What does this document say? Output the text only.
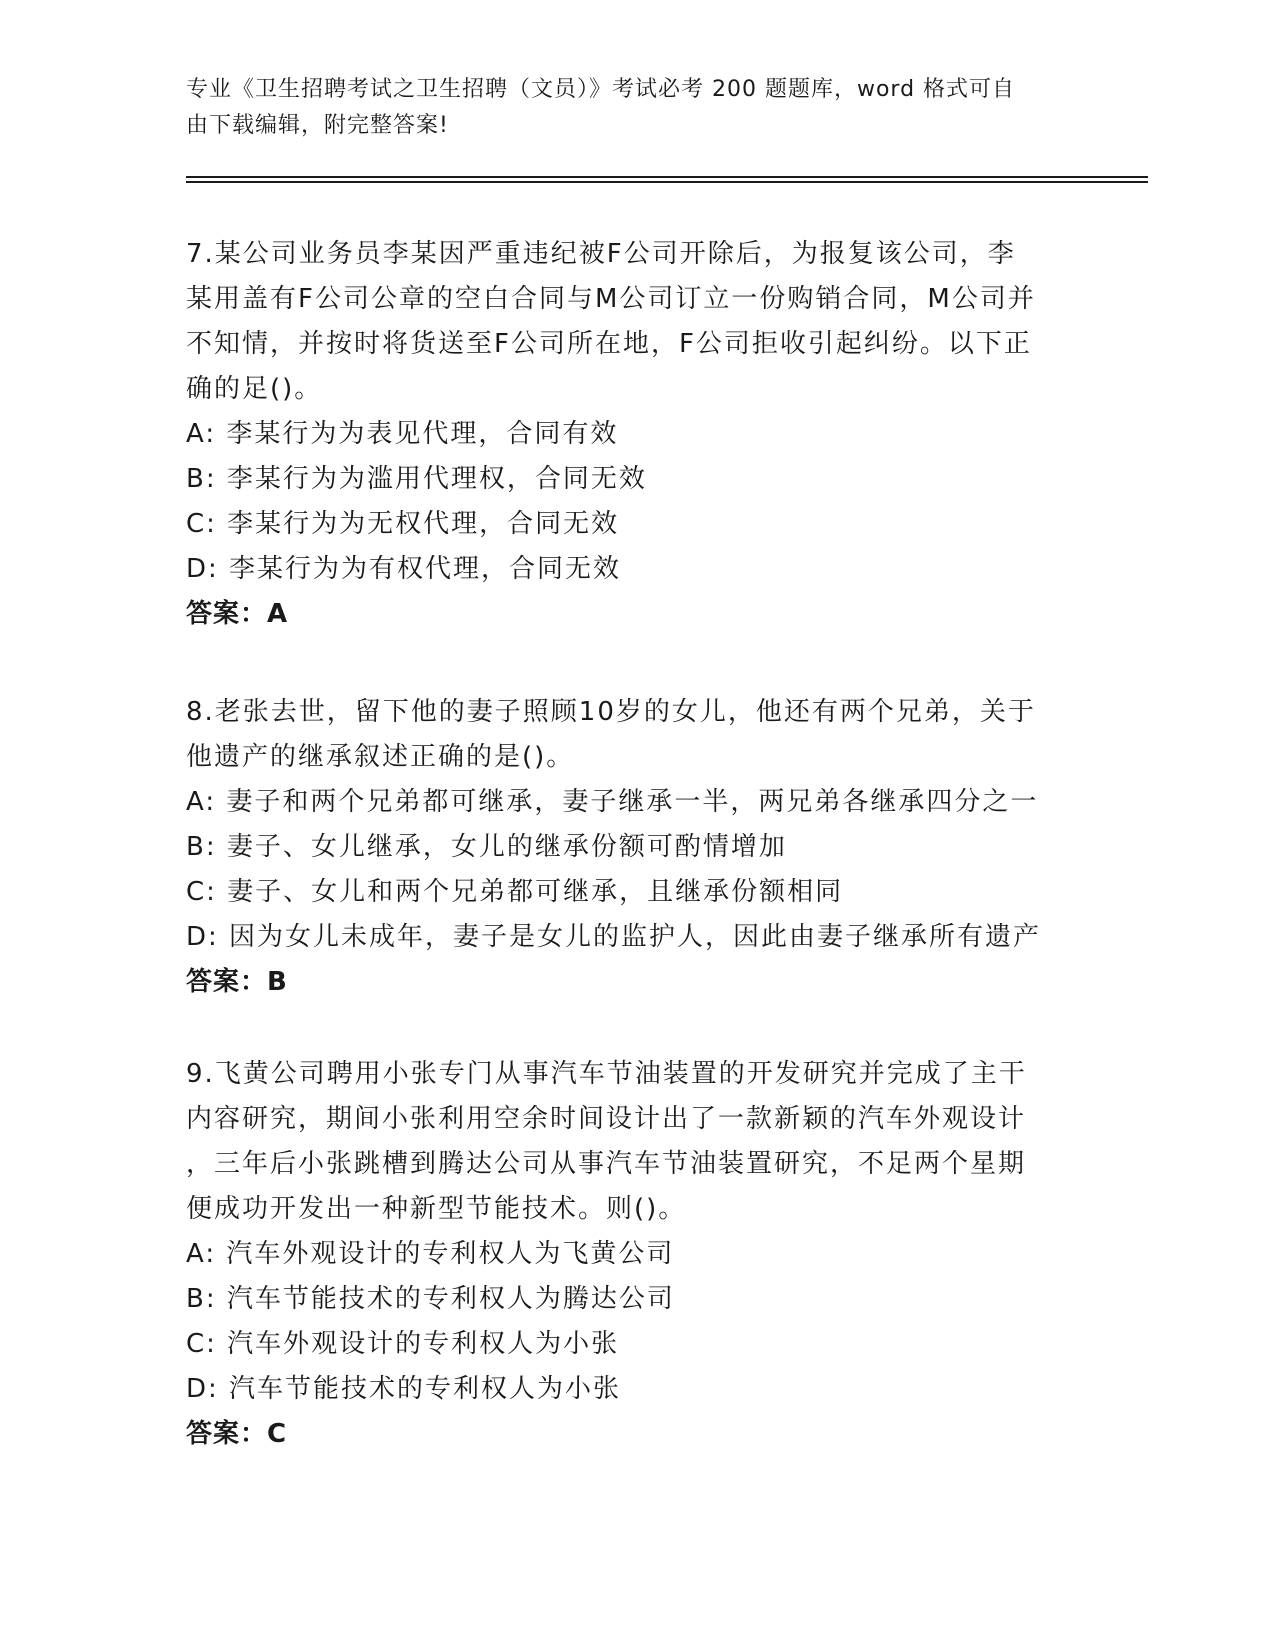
专业《卫生招聘考试之卫生招聘（文员）》考试必考 200 题题库，word 格式可自
由下载编辑，附完整答案!
7.某公司业务员李某因严重违纪被F公司开除后，为报复该公司，李
某用盖有F公司公章的空白合同与M公司订立一份购销合同，M公司并
不知情，并按时将货送至F公司所在地，F公司拒收引起纠纷。以下正
确的足()。
A: 李某行为为表见代理，合同有效
B: 李某行为为滥用代理权，合同无效
C: 李某行为为无权代理，合同无效
D: 李某行为为有权代理，合同无效
答案：A
8.老张去世，留下他的妻子照顾10岁的女儿，他还有两个兄弟，关于
他遗产的继承叙述正确的是()。
A: 妻子和两个兄弟都可继承，妻子继承一半，两兄弟各继承四分之一
B: 妻子、女儿继承，女儿的继承份额可酌情增加
C: 妻子、女儿和两个兄弟都可继承，且继承份额相同
D: 因为女儿未成年，妻子是女儿的监护人，因此由妻子继承所有遗产
答案：B
9.飞黄公司聘用小张专门从事汽车节油装置的开发研究并完成了主干
内容研究，期间小张利用空余时间设计出了一款新颖的汽车外观设计
，三年后小张跳槽到腾达公司从事汽车节油装置研究，不足两个星期
便成功开发出一种新型节能技术。则()。
A: 汽车外观设计的专利权人为飞黄公司
B: 汽车节能技术的专利权人为腾达公司
C: 汽车外观设计的专利权人为小张
D: 汽车节能技术的专利权人为小张
答案：C
